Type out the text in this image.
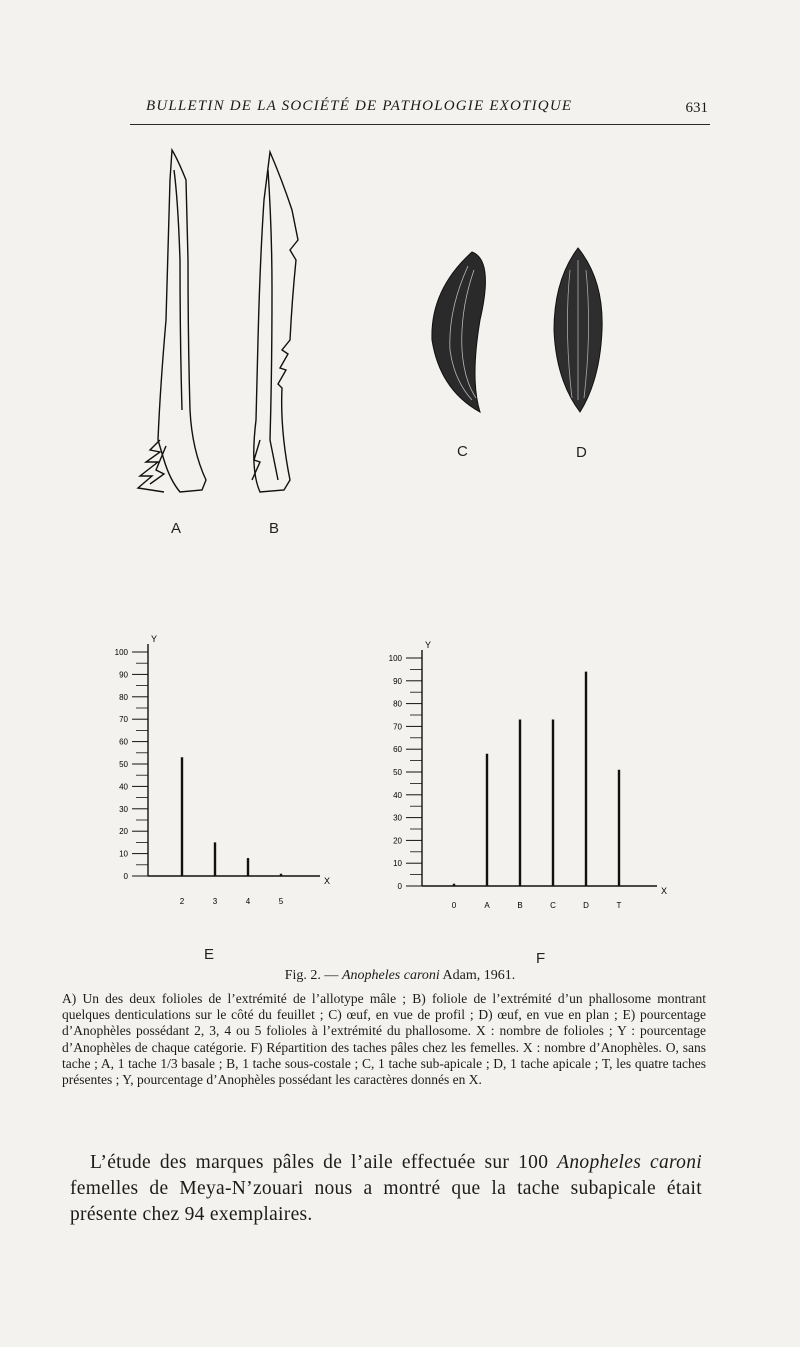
BULLETIN DE LA SOCIÉTÉ DE PATHOLOGIE EXOTIQUE	631
A	B
C	D
Y
X
0
10
20
30
40
50
60
70
80
90
100
2	3	4	5
E
Y
X
0
10
20
30
40
50
60
70
80
90
100
0	A	B	C	D	T
F
Fig. 2. — Anopheles caroni Adam, 1961.
A) Un des deux folioles de l’extrémité de l’allotype mâle ; B) foliole de l’extrémité d’un phallosome montrant quelques denticulations sur le côté du feuillet ; C) œuf, en vue de profil ; D) œuf, en vue en plan ; E) pourcentage d’Anophèles possédant 2, 3, 4 ou 5 folioles à l’extrémité du phallosome. X : nombre de folioles ; Y : pourcentage d’Anophèles de chaque catégorie. F) Répartition des taches pâles chez les femelles. X : nombre d’Anophèles. O, sans tache ; A, 1 tache 1/3 basale ; B, 1 tache sous-costale ; C, 1 tache sub-apicale ; D, 1 tache apicale ; T, les quatre taches présentes ; Y, pourcentage d’Anophèles possédant les caractères donnés en X.
L’étude des marques pâles de l’aile effectuée sur 100 Anopheles caroni femelles de Meya-N’zouari nous a montré que la tache subapicale était présente chez 94 exemplaires.
